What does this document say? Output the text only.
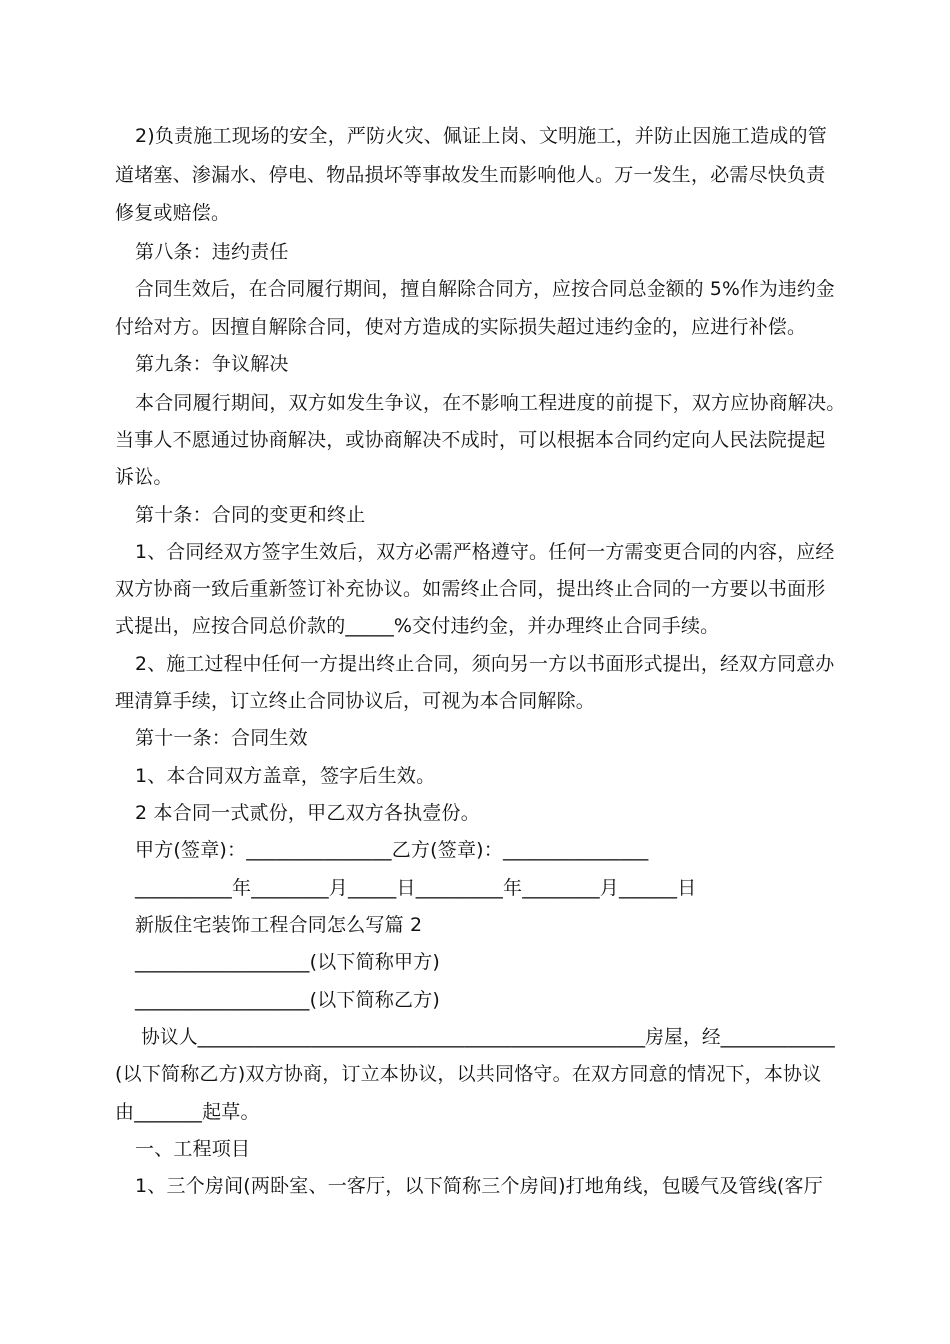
2)负责施工现场的安全，严防火灾、佩证上岗、文明施工，并防止因施工造成的管
道堵塞、渗漏水、停电、物品损坏等事故发生而影响他人。万一发生，必需尽快负责
修复或赔偿。
第八条：违约责任
合同生效后，在合同履行期间，擅自解除合同方，应按合同总金额的 5%作为违约金
付给对方。因擅自解除合同，使对方造成的实际损失超过违约金的，应进行补偿。
第九条：争议解决
本合同履行期间，双方如发生争议，在不影响工程进度的前提下，双方应协商解决。
当事人不愿通过协商解决，或协商解决不成时，可以根据本合同约定向人民法院提起
诉讼。
第十条：合同的变更和终止
1、合同经双方签字生效后，双方必需严格遵守。任何一方需变更合同的内容，应经
双方协商一致后重新签订补充协议。如需终止合同，提出终止合同的一方要以书面形
式提出，应按合同总价款的_____%交付违约金，并办理终止合同手续。
2、施工过程中任何一方提出终止合同，须向另一方以书面形式提出，经双方同意办
理清算手续，订立终止合同协议后，可视为本合同解除。
第十一条：合同生效
1、本合同双方盖章，签字后生效。
2 本合同一式贰份，甲乙双方各执壹份。
甲方(签章)：_______________乙方(签章)：_______________
__________年________月_____日_________年________月______日
新版住宅装饰工程合同怎么写篇 2
__________________(以下简称甲方)
__________________(以下简称乙方)
协议人_______________________________________________房屋，经____________
(以下简称乙方)双方协商，订立本协议，以共同恪守。在双方同意的情况下，本协议
由_______起草。
一、工程项目
1、三个房间(两卧室、一客厅，以下简称三个房间)打地角线，包暖气及管线(客厅
